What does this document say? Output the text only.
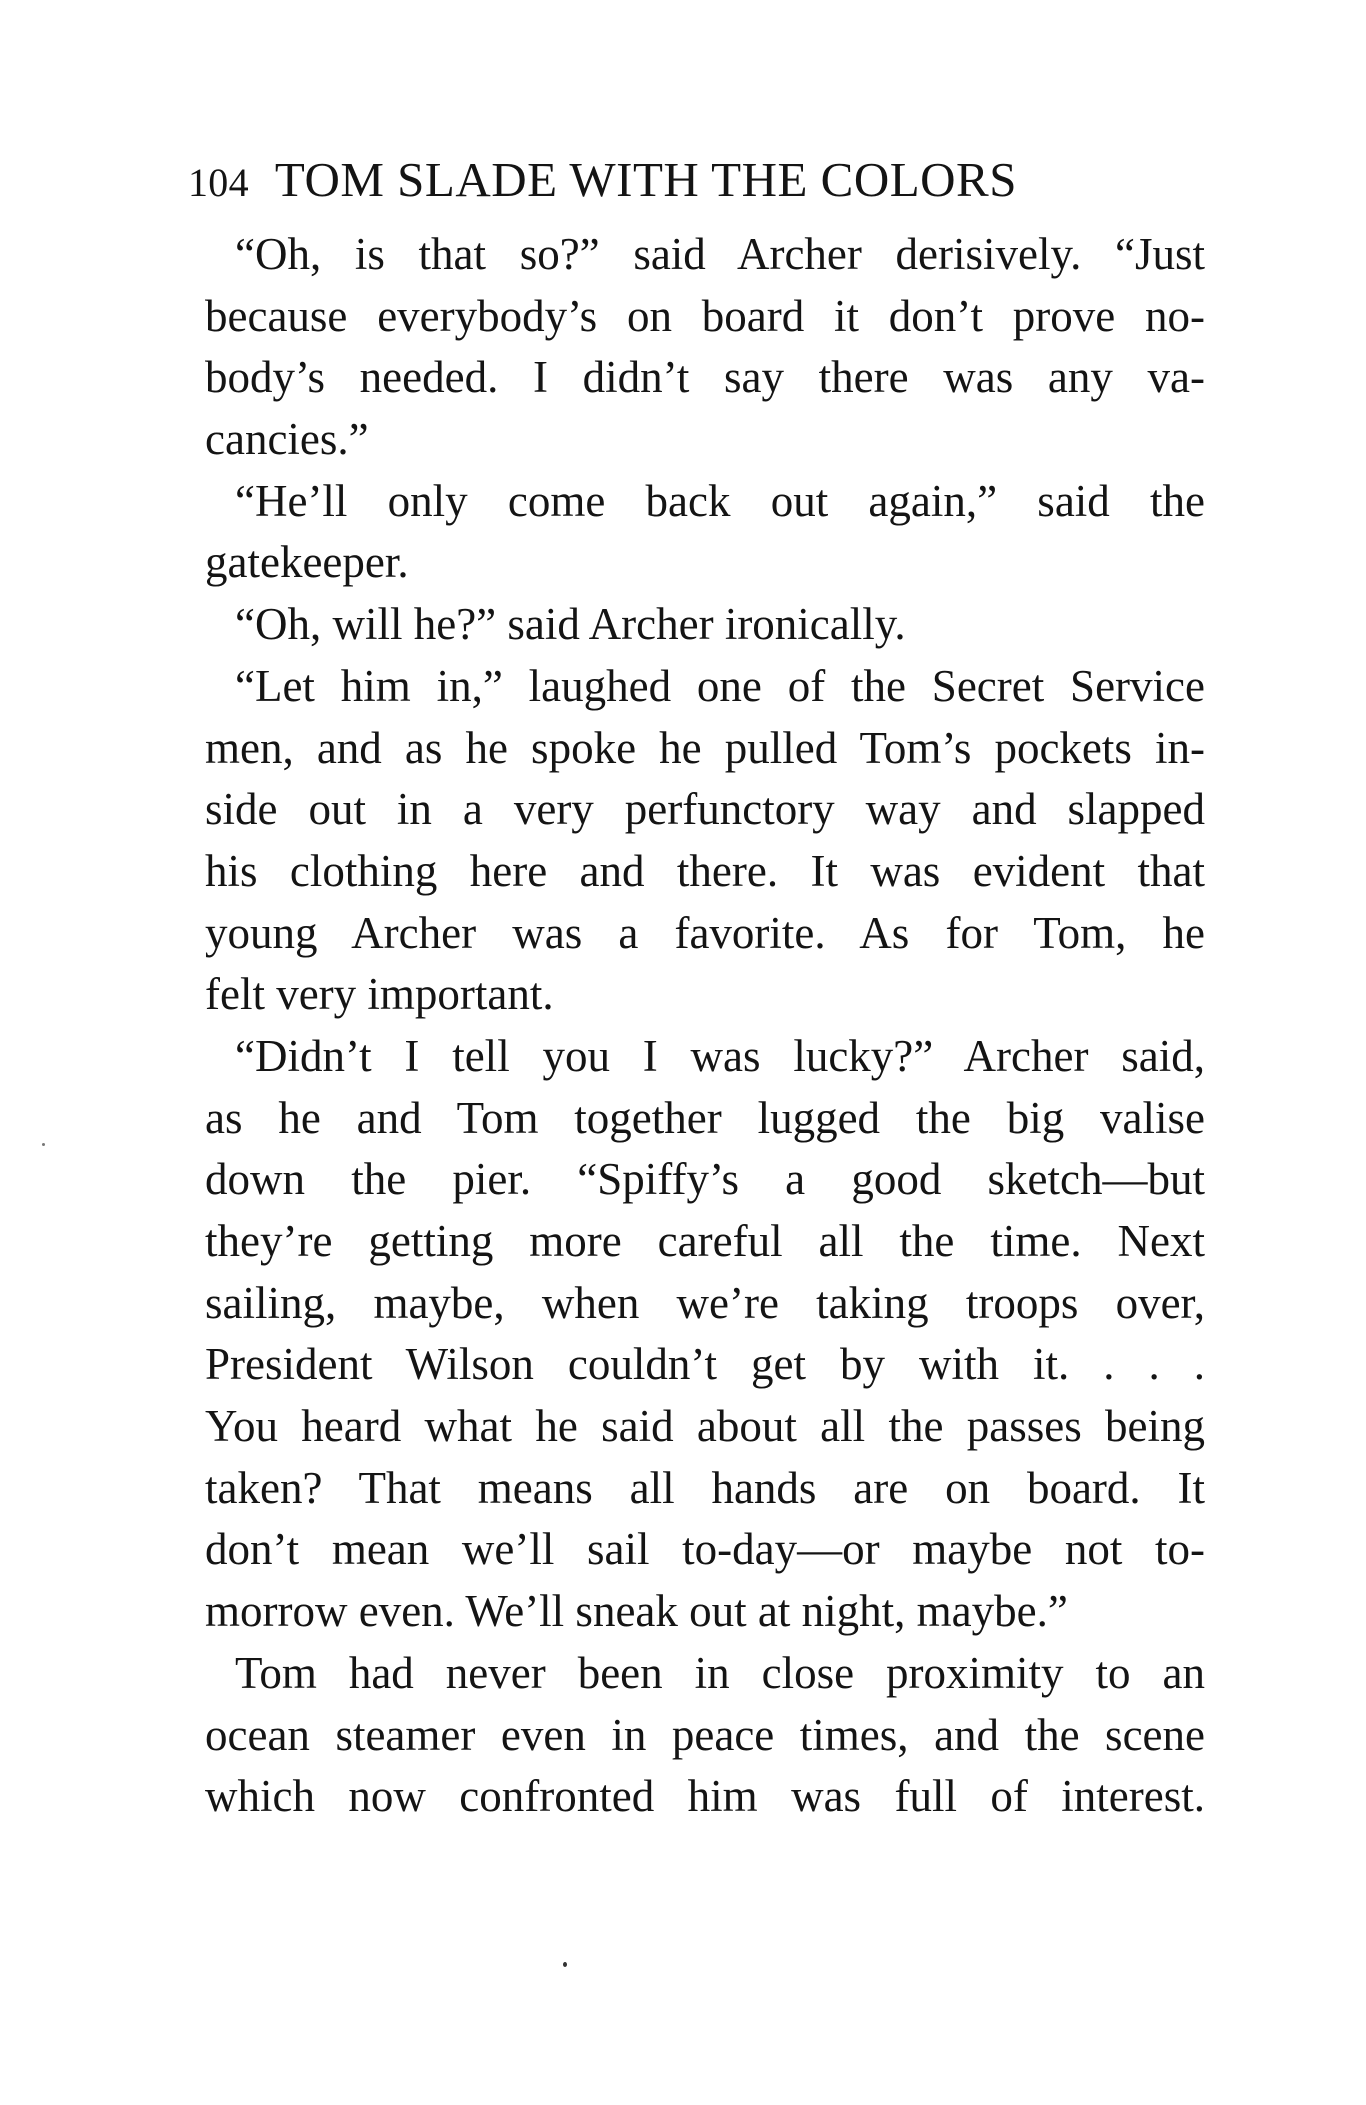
104 TOM SLADE WITH THE COLORS
“Oh, is that so?” said Archer derisively. “Just
because everybody’s on board it don’t prove no-
body’s needed. I didn’t say there was any va-
cancies.”
“He’ll only come back out again,” said the
gatekeeper.
“Oh, will he?” said Archer ironically.
“Let him in,” laughed one of the Secret Service
men, and as he spoke he pulled Tom’s pockets in-
side out in a very perfunctory way and slapped
his clothing here and there. It was evident that
young Archer was a favorite. As for Tom, he
felt very important.
“Didn’t I tell you I was lucky?” Archer said,
as he and Tom together lugged the big valise
down the pier. “Spiffy’s a good sketch—but
they’re getting more careful all the time. Next
sailing, maybe, when we’re taking troops over,
President Wilson couldn’t get by with it. . . .
You heard what he said about all the passes being
taken? That means all hands are on board. It
don’t mean we’ll sail to-day—or maybe not to-
morrow even. We’ll sneak out at night, maybe.”
Tom had never been in close proximity to an
ocean steamer even in peace times, and the scene
which now confronted him was full of interest.
